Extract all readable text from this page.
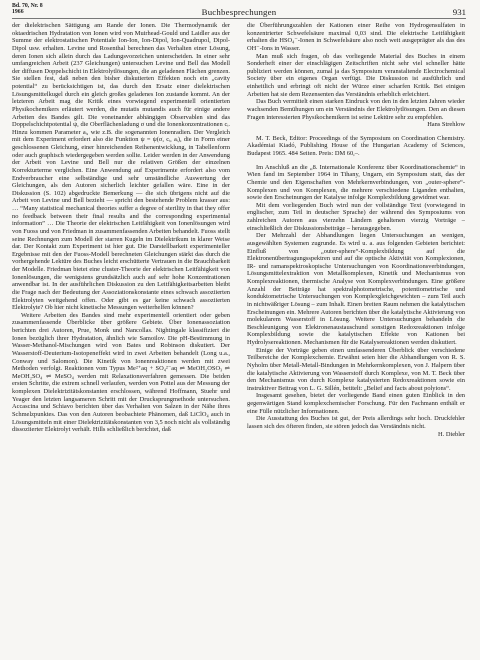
Bd. 70, Nr. 8
1966	Buchbesprechungen	931

der dielektrischen Sättigung am Rande der Ionen. Die Thermodynamik der oktaedrischen Hydratation von Ionen wird von Muirhead-Gould und Laidler aus der Summe der elektrostatischen Potentiale Ion-Ion, Ion-Dipol, Ion-Quadrupol, Dipol-Dipol usw. erhalten. Levine und Rosenthal berechnen das Verhalten einer Lösung, deren Ionen sich allein durch das Ladungsvorzeichen unterscheiden. In einer sehr umfangreichen Arbeit (237 Gleichungen) untersuchen Levine und Bell das Modell der diffusen Doppelschicht in Elektrolytlösungen, die an geladenen Flächen grenzen. Sie stellen fest, daß neben den bisher diskutierten Effekten noch ein „cavity potential“ zu berücksichtigen ist, das durch den Ersatz einer dielektrischen Lösungsmittelkugel durch ein gleich großes geladenes Ion zustande kommt. An der letzteren Arbeit mag die Kritik eines vorwiegend experimentell orientierten Physikochemikers erläutert werden, die mutatis mutandis auch für einige andere Arbeiten des Bandes gilt. Die voneinander abhängigen Observablen sind das Doppelschichtpotential ψ, die Oberflächenladung σ und die Ionenkonzentrationen cᵢ. Hinzu kommen Parameter aᵢ, wie z.B. die sogenannten Ionenradien. Der Vergleich mit dem Experiment erfordert also die Funktion ψ = ψ(σ, cᵢ, aᵢ), die in Form einer geschlossenen Gleichung, einer hinreichenden Reihenentwicklung, in Tabellenform oder auch graphisch wiedergegeben werden sollte. Leider werden in der Anwendung der Arbeit von Levine und Bell nur die relativen Größen der einzelnen Korrekturterme verglichen. Eine Anwendung auf Experimente erfordert also vom Endverbraucher eine selbständige und sehr umständliche Auswertung der Gleichungen, als den Autoren sicherlich leichter gefallen wäre. Eine in der Diskussion (S. 102) abgedruckte Bemerkung — die sich übrigens nicht auf die Arbeit von Levine und Bell bezieht — spricht den bestehende Problem krasser aus: … “Many statistical mechanical theories suffer a degree of sterility in that they offer no feedback between their final results and the corresponding experimental information” … Die Theorie der elektrischen Leitfähigkeit von Ionenlösungen wird von Fuoss und von Friedman in zusammenfassenden Arbeiten behandelt. Fuoss stellt seine Rechnungen zum Modell der starren Kugeln im Dielektrikum in klarer Weise dar. Der Kontakt zum Experiment ist hier gut. Die Darstellbarkeit experimenteller Ergebnisse mit den der Fuoss-Modell berechneten Gleichungen stärkt das durch die vorhergehende Lektüre des Buches leicht erschütterte Vertrauen in die Brauchbarkeit der Modelle. Friedman bietet eine cluster-Theorie der elektrischen Leitfähigkeit von Ionenlösungen, die wenigstens grundsätzlich auch auf sehr hohe Konzentrationen anwendbar ist. In der ausführlichen Diskussion zu den Leitfähigkeitsarbeiten bleibt die Frage nach der Bedeutung der Assoziationskonstante eines schwach assoziierten Elektrolyten weitgehend offen. Oder gibt es gar keine schwach assoziierten Elektrolyte? Ob hier nicht kinetische Messungen weiterhelfen können?

Weitere Arbeiten des Bandes sind mehr experimentell orientiert oder geben zusammenfassende Überblicke über größere Gebiete. Über Ionenassoziation berichten drei Autoren, Prue, Monk und Nancollas. Nightingale klassifiziert die Ionen bezüglich ihrer Hydratation, ähnlich wie Samoilov. Die pH-Bestimmung in Wasser-Methanol-Mischungen wird von Bates und Robinson diskutiert. Der Wasserstoff-Deuterium-Isotopeneffekt wird in zwei Arbeiten behandelt (Long u.a., Conway und Salomon). Die Kinetik von Ionenreaktionen werden mit zwei Methoden verfolgt. Reaktionen vom Typus Me²⁺aq + SO₄²⁻aq ⇌ MeOH₂OSO₃ ⇌ MeOH₂SO₄ ⇌ MeSO₄ werden mit Relaxationsverfahren gemessen. Die beiden ersten Schritte, die extrem schnell verlaufen, werden von Pottel aus der Messung der komplexen Dielektrizitätskonstanten erschlossen, während Hoffmann, Stuehr und Yeager den letzten langsameren Schritt mit der Drucksprungmethode untersuchen. Accascina und Schiavo berichten über das Verhalten von Salzen in der Nähe ihres Schmelzpunktes. Das von den Autoren beobachtete Phänomen, daß LiClO₄ auch in Lösungsmitteln mit einer Dielektrizitätskonstanten von 3,5 noch nicht als vollständig dissoziierter Elektrolyt verhält. Hills schließlich berichtet, daß

die Überführungszahlen der Kationen einer Reihe von Hydrogensulfaten in konzentrierter Schwefelsäure maximal 0,03 sind. Die elektrische Leitfähigkeit erhalten die HSO₄⁻-Ionen in Schwefelsäure also noch weit ausgeprägter als das des OH⁻-Ions in Wasser.

Man muß sich fragen, ob das vorliegende Material des Buches in einem Sonderheft einer der einschlägigen Zeitschriften nicht sehr viel schneller hätte publiziert werden können, zumal ja das Symposium veranstaltende Electrochemical Society über ein eigenes Organ verfügt. Die Diskussion ist ausführlich und einheitlich und erbringt oft nicht der Würze einer scharfen Kritik. Bei einigen Arbeiten hat sie dem Rezensenten das Verständnis erheblich erleichtert.

Das Buch vermittelt einen starken Eindruck von den in den letzten Jahren wieder wachsenden Bemühungen um ein Verständnis der Elektrolytlösungen. Den an diesen Fragen interessierten Physikochemikern ist seine Lektüre sehr zu empfehlen.

Hans Strehlow

M. T. Beck, Editor: Proceedings of the Symposium on Coordination Chemistry. Akadémiai Kiadó, Publishing House of the Hungarian Academy of Sciences, Budapest 1965. 484 Seiten. Preis: DM 60,–.

Im Anschluß an die „8. Internationale Konferenz über Koordinationschemie“ in Wien fand im September 1964 in Tihany, Ungarn, ein Symposium statt, das der Chemie und den Eigenschaften von Mehrkernverbindungen, von „outer-sphere“-Komplexen und von Komplexen, die mehrere verschiedene Liganden enthalten, sowie den Erscheinungen der Katalyse infolge Komplexbildung gewidmet war.

Mit dem vorliegenden Buch wird nun der vollständige Text (vorwiegend in englischer, zum Teil in deutscher Sprache) der während des Symposiums von zahlreichen Autoren aus vierzehn Ländern gehaltenen vierzig Vorträge – einschließlich der Diskussionsbeiträge – herausgegeben.

Der Mehrzahl der Abhandlungen liegen Untersuchungen an wenigen, ausgewählten Systemen zugrunde. Es wird u. a. aus folgenden Gebieten berichtet: Einfluß von „outer-sphere“-Komplexbildung auf die Elektronenübertragungsspektren und auf die optische Aktivität von Komplexionen, IR- und ramanspektroskopische Untersuchungen von Koordinationsverbindungen, Lösungsmittelextraktion von Metallkomplexen, Kinetik und Mechanismus von Komplexreaktionen, thermische Analyse von Komplexverbindungen. Eine größere Anzahl der Beiträge hat spektralphotometrische, potentiometrische und konduktometrische Untersuchungen von Komplexgleichgewichten – zum Teil auch in nichtwäßriger Lösung – zum Inhalt. Einen breiten Raum nehmen die katalytischen Erscheinungen ein. Mehrere Autoren berichten über die katalytische Aktivierung von molekularem Wasserstoff in Lösung. Weitere Untersuchungen behandeln die Beschleunigung von Elektronenaustauschund sonstigen Redoxreaktionen infolge Komplexbildung sowie die katalytischen Effekte von Kationen bei Hydrolysereaktionen. Mechanismen für die Katalysereaktionen werden diskutiert.

Einige der Vorträge geben einen umfassenderen Überblick über verschiedene Teilbereiche der Komplexchemie. Erwähnt seien hier die Abhandlungen von R. S. Nyholm über Metall-Metall-Bindungen in Mehrkernkomplexen, von J. Halpern über die katalytische Aktivierung von Wasserstoff durch Komplexe, von M. T. Beck über den Mechanismus von durch Komplexe katalysierten Redoxreaktionen sowie ein instruktiver Beitrag von L. G. Sillén, betitelt: „Belief and facts about polyions“.

Insgesamt gesehen, bietet der vorliegende Band einen guten Einblick in den gegenwärtigen Stand komplexchemischer Forschung. Für den Fachmann enthält er eine Fülle nützlicher Informationen.

Die Ausstattung des Buches ist gut, der Preis allerdings sehr hoch. Druckfehler lassen sich des öfteren finden, sie stören jedoch das Verständnis nicht.

H. Diebler
